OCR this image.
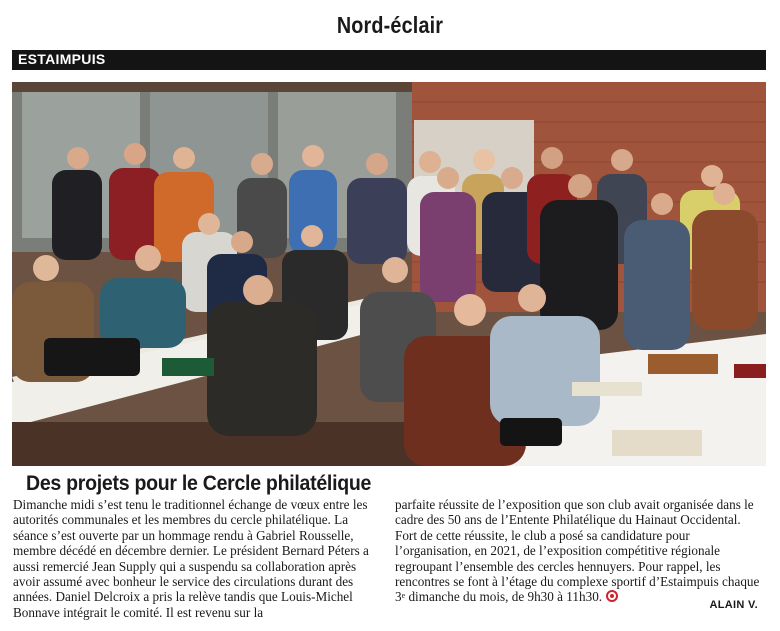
Nord-éclair
ESTAIMPUIS
Des projets pour le Cercle philatélique

Dimanche midi s’est tenu le traditionnel échange de vœux entre les autorités communales et les membres du cercle philatélique. La séance s’est ouverte par un hommage rendu à Gabriel Rousselle, membre décédé en décembre dernier. Le président Bernard Péters a aussi remercié Jean Supply qui a suspendu sa collaboration après avoir assumé avec bonheur le service des circulations durant des années. Daniel Delcroix a pris la relève tandis que Louis-Michel Bonnave intégrait le comité. Il est revenu sur la

parfaite réussite de l’exposition que son club avait organisée dans le cadre des 50 ans de l’Entente Philatélique du Hainaut Occidental. Fort de cette réussite, le club a posé sa candidature pour l’organisation, en 2021, de l’exposition compétitive régionale regroupant l’ensemble des cercles hennuyers. Pour rappel, les rencontres se font à l’étage du complexe sportif d’Estaimpuis chaque 3e dimanche du mois, de 9h30 à 11h30.

ALAIN V.
